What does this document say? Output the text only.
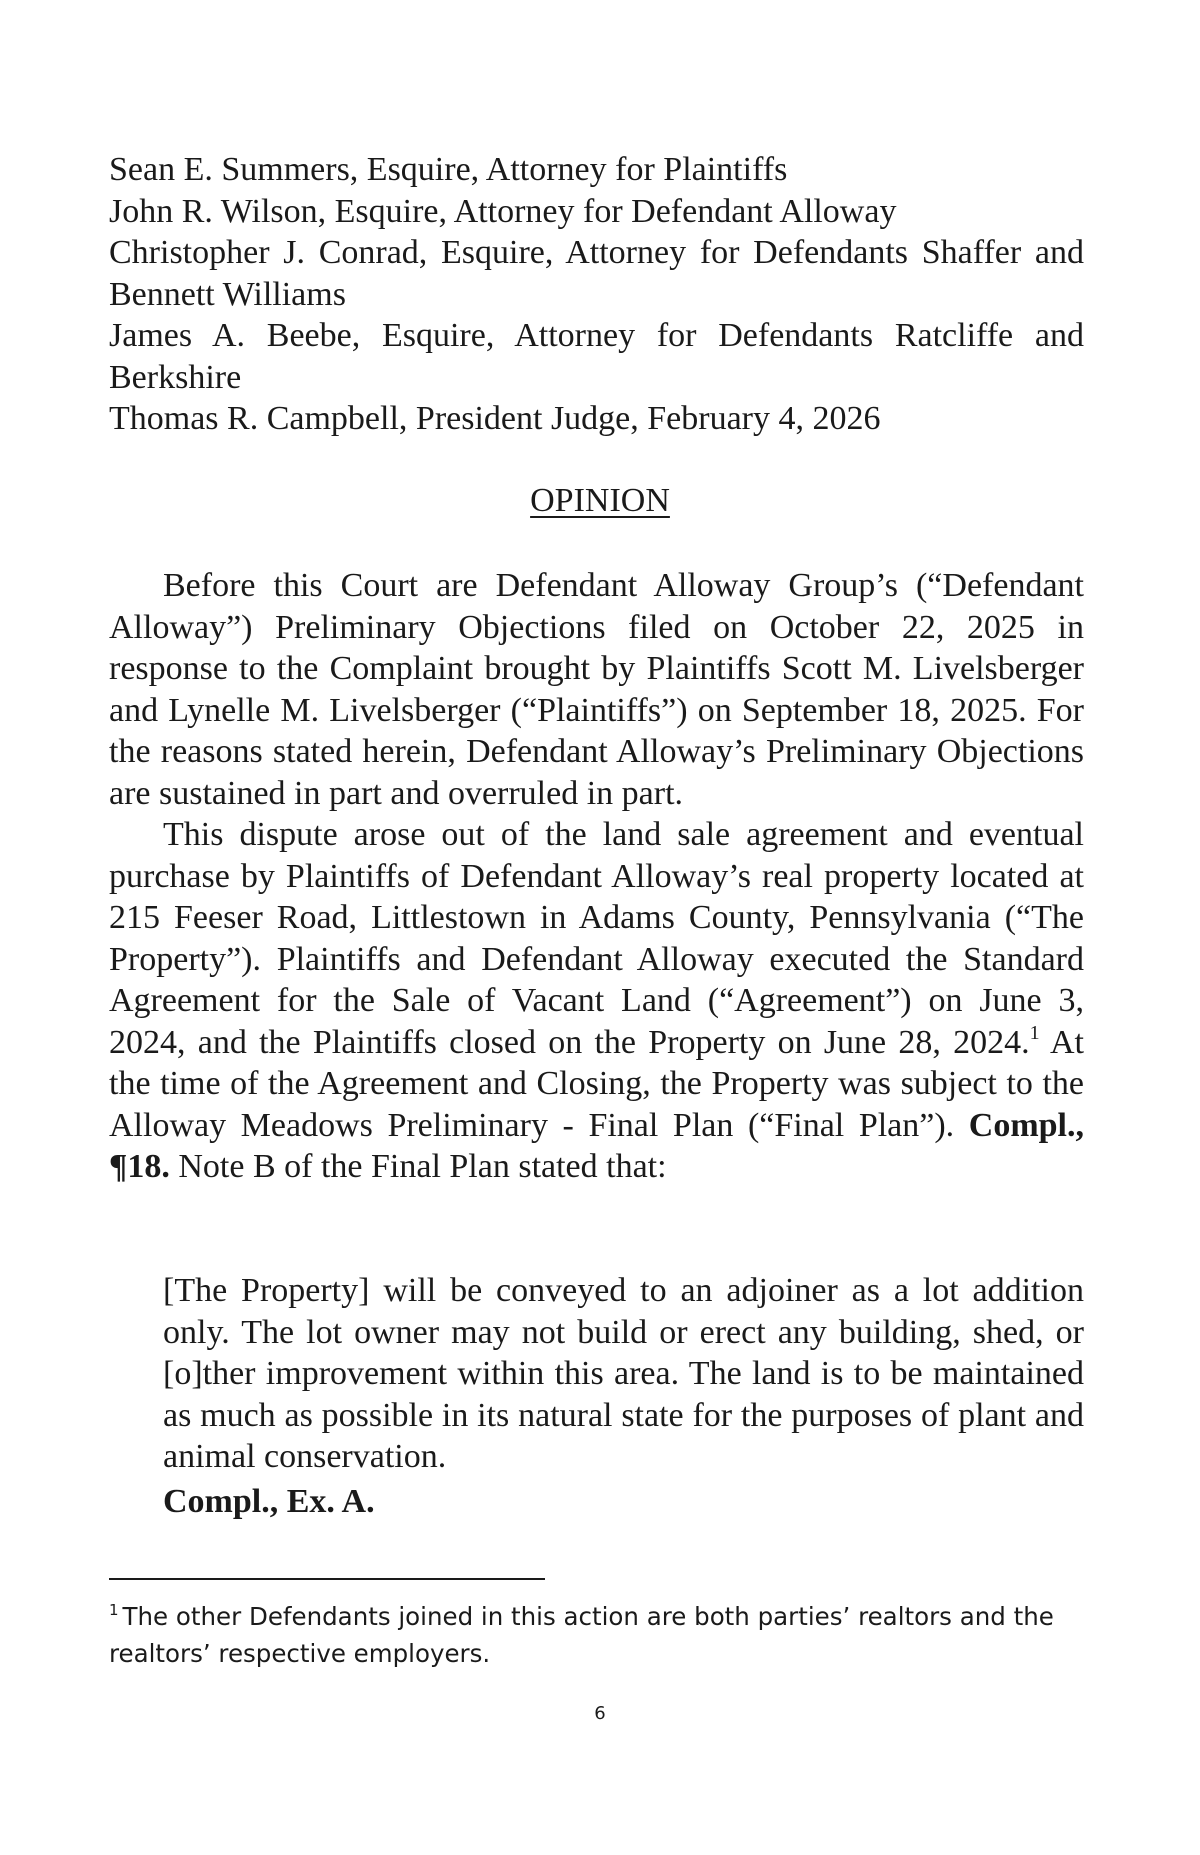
Sean E. Summers, Esquire, Attorney for Plaintiffs
John R. Wilson, Esquire, Attorney for Defendant Alloway
Christopher J. Conrad, Esquire, Attorney for Defendants Shaffer and
Bennett Williams
James A. Beebe, Esquire, Attorney for Defendants Ratcliffe and
Berkshire
Thomas R. Campbell, President Judge, February 4, 2026
OPINION

Before this Court are Defendant Alloway Group’s (“Defendant Alloway”) Preliminary Objections filed on October 22, 2025 in response to the Complaint brought by Plaintiffs Scott M. Livelsberger and Lynelle M. Livelsberger (“Plaintiffs”) on September 18, 2025. For the reasons stated herein, Defendant Alloway’s Preliminary Objections are sustained in part and overruled in part.

This dispute arose out of the land sale agreement and eventual purchase by Plaintiffs of Defendant Alloway’s real property located at 215 Feeser Road, Littlestown in Adams County, Pennsylvania (“The Property”). Plaintiffs and Defendant Alloway executed the Standard Agreement for the Sale of Vacant Land (“Agreement”) on June 3, 2024, and the Plaintiffs closed on the Property on June 28, 2024.$^1$ At the time of the Agreement and Closing, the Property was subject to the Alloway Meadows Preliminary - Final Plan (“Final Plan”). Compl., ¶18. Note B of the Final Plan stated that:

[The Property] will be conveyed to an adjoiner as a lot addition only. The lot owner may not build or erect any building, shed, or [o]ther improvement within this area. The land is to be maintained as much as possible in its natural state for the purposes of plant and animal conservation.
Compl., Ex. A.
$^1$ The other Defendants joined in this action are both parties’ realtors and the realtors’ respective employers.
6
